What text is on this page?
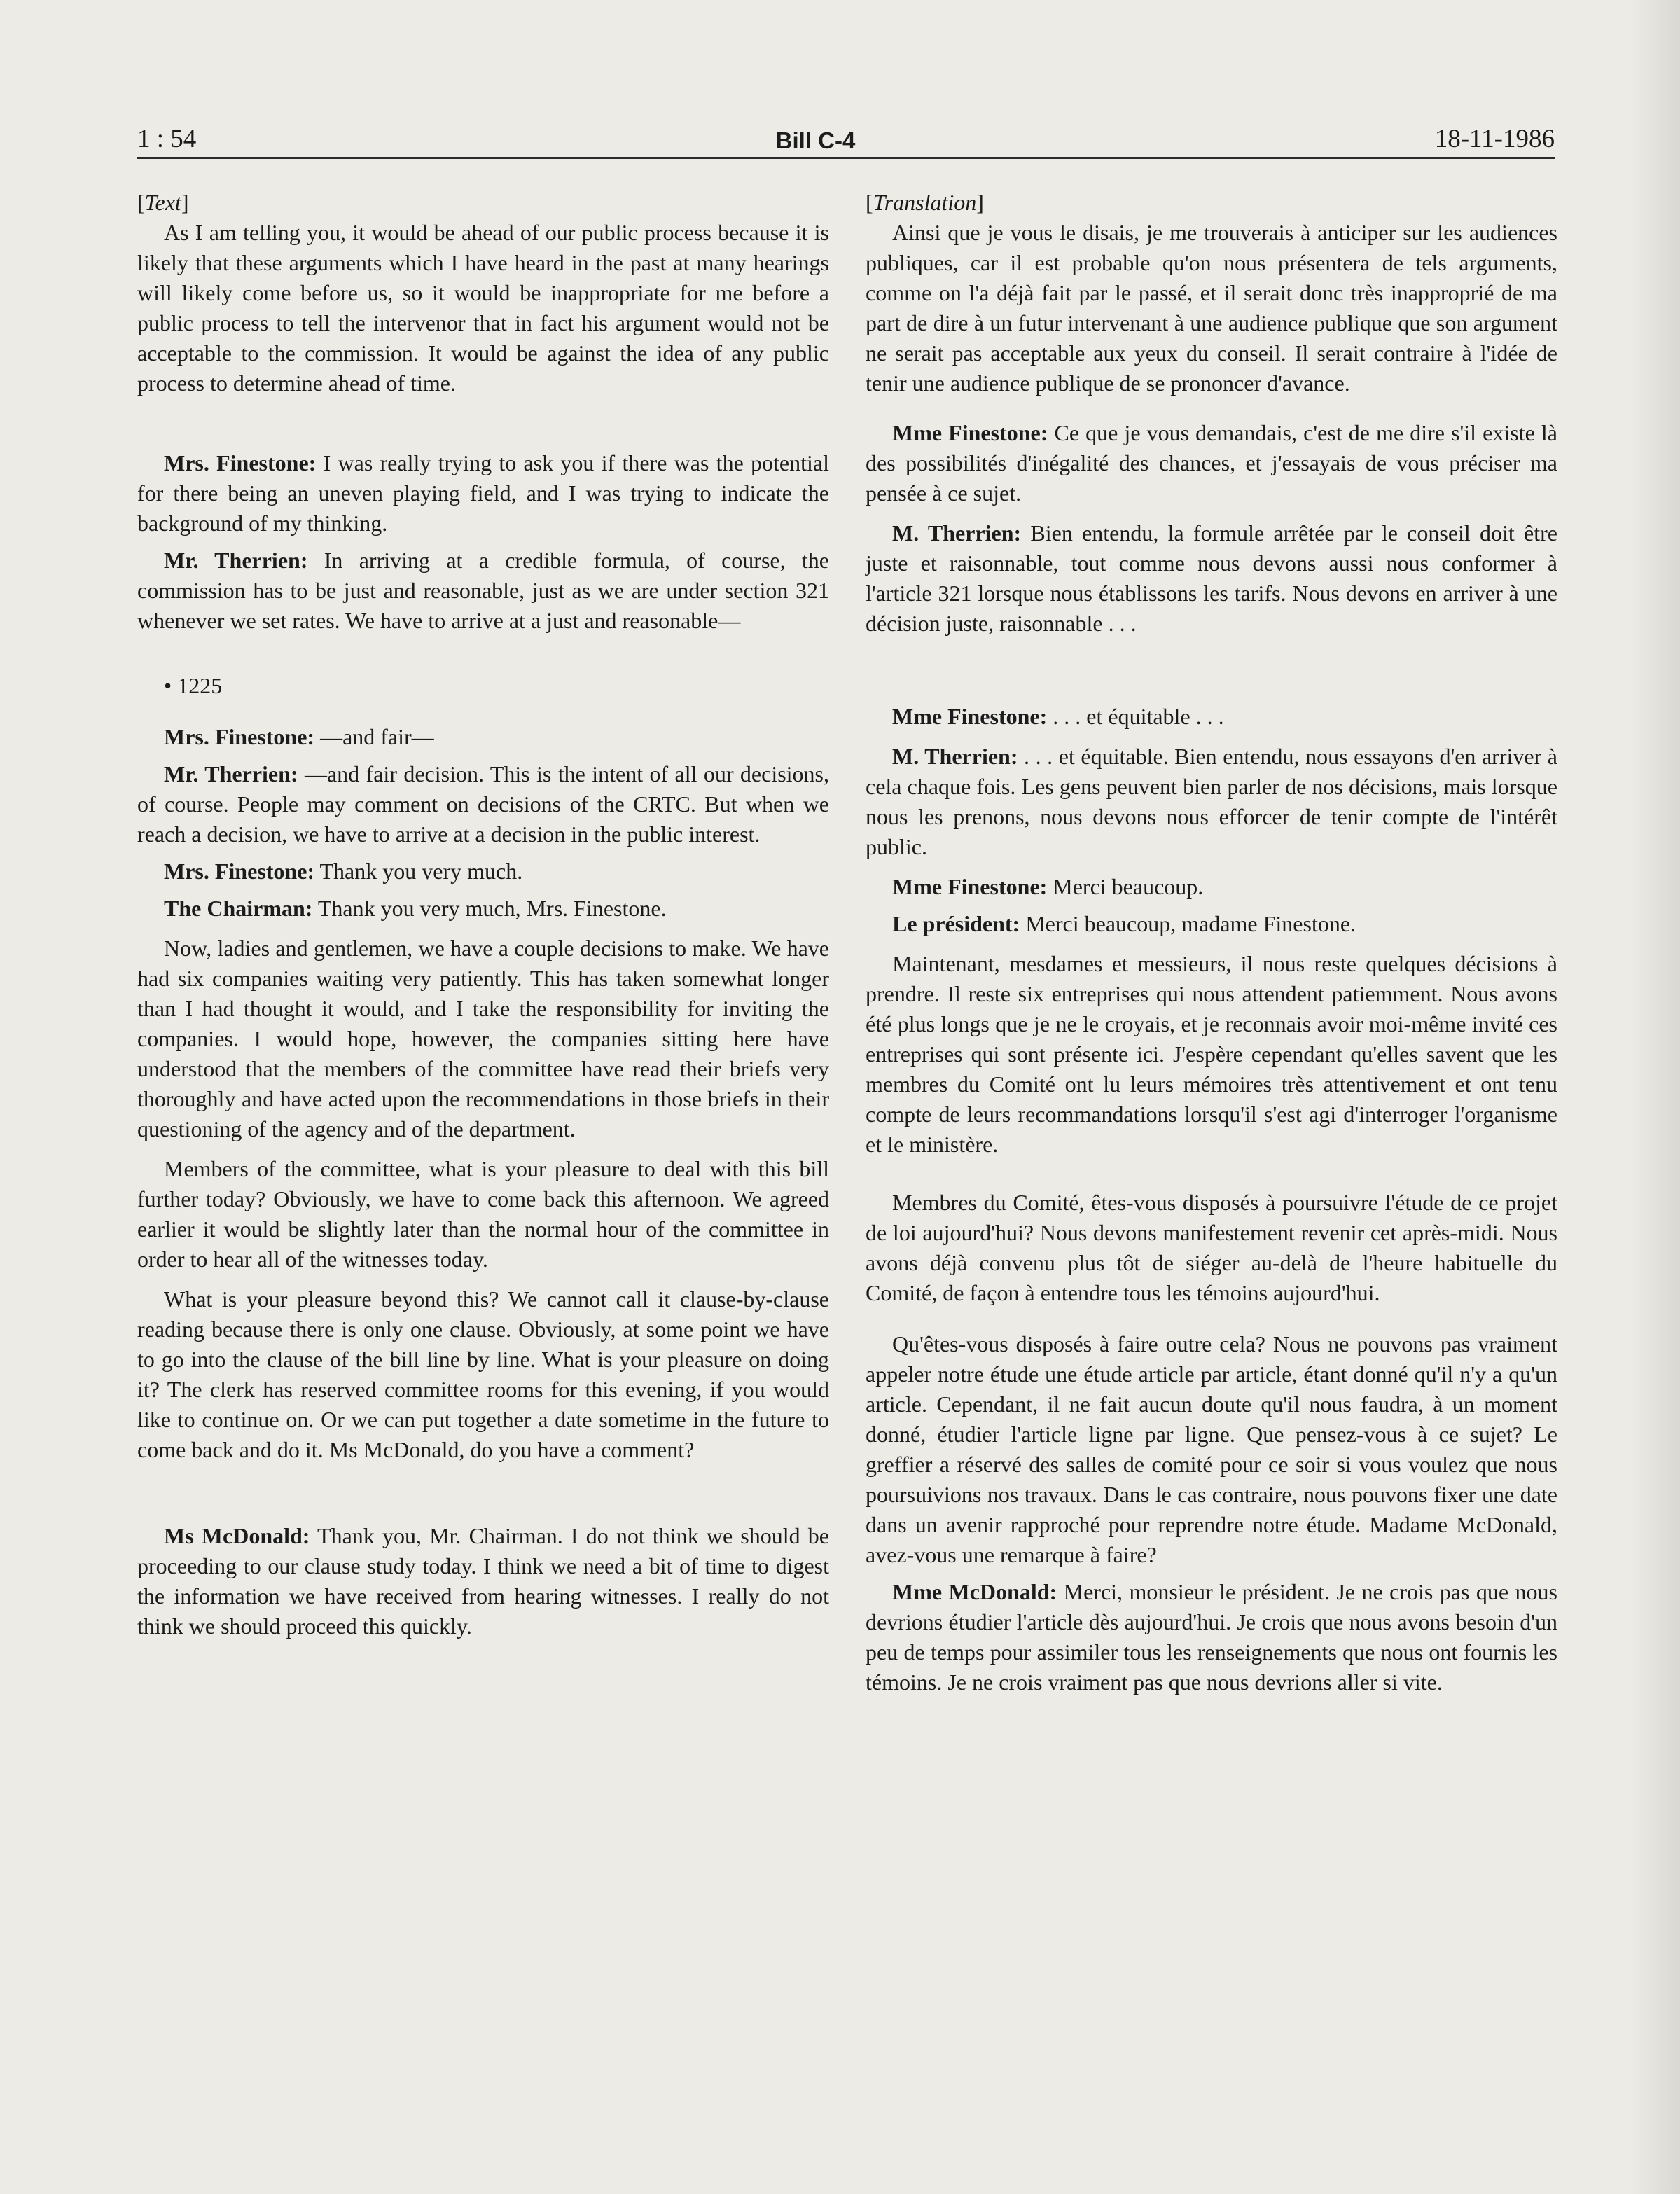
1 : 54	Bill C-4	18-11-1986

[Text]

As I am telling you, it would be ahead of our public process because it is likely that these arguments which I have heard in the past at many hearings will likely come before us, so it would be inappropriate for me before a public process to tell the intervenor that in fact his argument would not be acceptable to the commission. It would be against the idea of any public process to determine ahead of time.

Mrs. Finestone: I was really trying to ask you if there was the potential for there being an uneven playing field, and I was trying to indicate the background of my thinking.

Mr. Therrien: In arriving at a credible formula, of course, the commission has to be just and reasonable, just as we are under section 321 whenever we set rates. We have to arrive at a just and reasonable—

• 1225

Mrs. Finestone: —and fair—

Mr. Therrien: —and fair decision. This is the intent of all our decisions, of course. People may comment on decisions of the CRTC. But when we reach a decision, we have to arrive at a decision in the public interest.

Mrs. Finestone: Thank you very much.

The Chairman: Thank you very much, Mrs. Finestone.

Now, ladies and gentlemen, we have a couple decisions to make. We have had six companies waiting very patiently. This has taken somewhat longer than I had thought it would, and I take the responsibility for inviting the companies. I would hope, however, the companies sitting here have understood that the members of the committee have read their briefs very thoroughly and have acted upon the recommendations in those briefs in their questioning of the agency and of the department.

Members of the committee, what is your pleasure to deal with this bill further today? Obviously, we have to come back this afternoon. We agreed earlier it would be slightly later than the normal hour of the committee in order to hear all of the witnesses today.

What is your pleasure beyond this? We cannot call it clause-by-clause reading because there is only one clause. Obviously, at some point we have to go into the clause of the bill line by line. What is your pleasure on doing it? The clerk has reserved committee rooms for this evening, if you would like to continue on. Or we can put together a date sometime in the future to come back and do it. Ms McDonald, do you have a comment?

Ms McDonald: Thank you, Mr. Chairman. I do not think we should be proceeding to our clause study today. I think we need a bit of time to digest the information we have received from hearing witnesses. I really do not think we should proceed this quickly.

[Translation]

Ainsi que je vous le disais, je me trouverais à anticiper sur les audiences publiques, car il est probable qu'on nous présentera de tels arguments, comme on l'a déjà fait par le passé, et il serait donc très inapproprié de ma part de dire à un futur intervenant à une audience publique que son argument ne serait pas acceptable aux yeux du conseil. Il serait contraire à l'idée de tenir une audience publique de se prononcer d'avance.

Mme Finestone: Ce que je vous demandais, c'est de me dire s'il existe là des possibilités d'inégalité des chances, et j'essayais de vous préciser ma pensée à ce sujet.

M. Therrien: Bien entendu, la formule arrêtée par le conseil doit être juste et raisonnable, tout comme nous devons aussi nous conformer à l'article 321 lorsque nous établissons les tarifs. Nous devons en arriver à une décision juste, raisonnable . . .

Mme Finestone: . . . et équitable . . .

M. Therrien: . . . et équitable. Bien entendu, nous essayons d'en arriver à cela chaque fois. Les gens peuvent bien parler de nos décisions, mais lorsque nous les prenons, nous devons nous efforcer de tenir compte de l'intérêt public.

Mme Finestone: Merci beaucoup.

Le président: Merci beaucoup, madame Finestone.

Maintenant, mesdames et messieurs, il nous reste quelques décisions à prendre. Il reste six entreprises qui nous attendent patiemment. Nous avons été plus longs que je ne le croyais, et je reconnais avoir moi-même invité ces entreprises qui sont présente ici. J'espère cependant qu'elles savent que les membres du Comité ont lu leurs mémoires très attentivement et ont tenu compte de leurs recommandations lorsqu'il s'est agi d'interroger l'organisme et le ministère.

Membres du Comité, êtes-vous disposés à poursuivre l'étude de ce projet de loi aujourd'hui? Nous devons manifestement revenir cet après-midi. Nous avons déjà convenu plus tôt de siéger au-delà de l'heure habituelle du Comité, de façon à entendre tous les témoins aujourd'hui.

Qu'êtes-vous disposés à faire outre cela? Nous ne pouvons pas vraiment appeler notre étude une étude article par article, étant donné qu'il n'y a qu'un article. Cependant, il ne fait aucun doute qu'il nous faudra, à un moment donné, étudier l'article ligne par ligne. Que pensez-vous à ce sujet? Le greffier a réservé des salles de comité pour ce soir si vous voulez que nous poursuivions nos travaux. Dans le cas contraire, nous pouvons fixer une date dans un avenir rapproché pour reprendre notre étude. Madame McDonald, avez-vous une remarque à faire?

Mme McDonald: Merci, monsieur le président. Je ne crois pas que nous devrions étudier l'article dès aujourd'hui. Je crois que nous avons besoin d'un peu de temps pour assimiler tous les renseignements que nous ont fournis les témoins. Je ne crois vraiment pas que nous devrions aller si vite.
